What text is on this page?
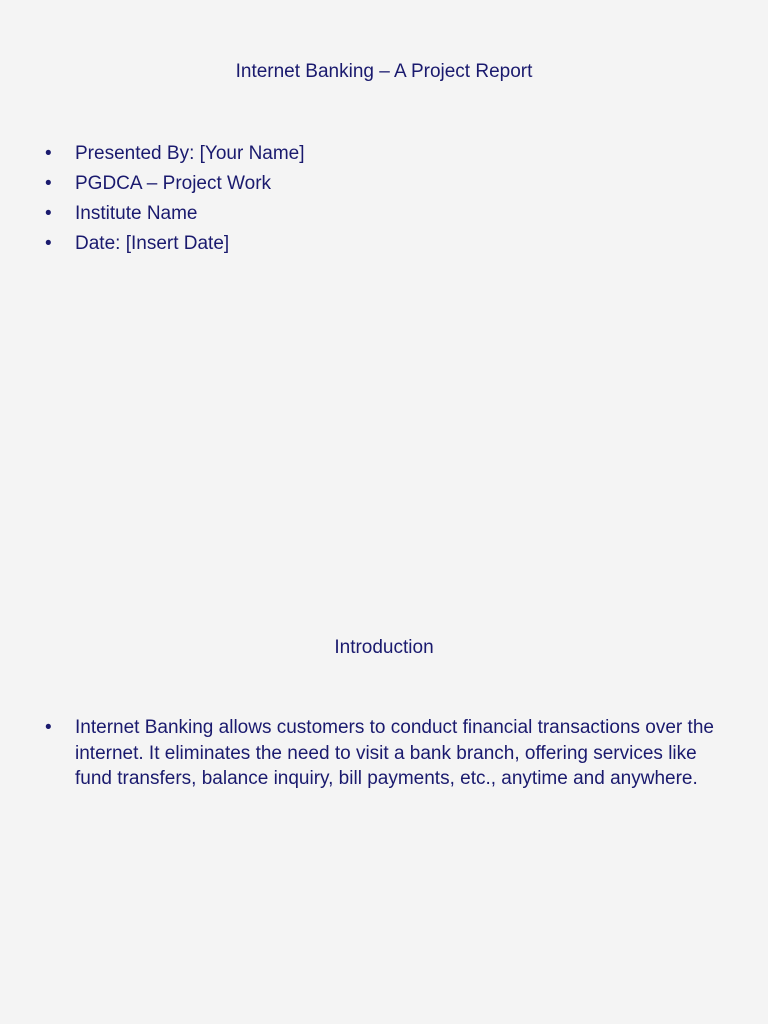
Internet Banking – A Project Report
• Presented By: [Your Name]
• PGDCA – Project Work
• Institute Name
• Date: [Insert Date]
Introduction
• Internet Banking allows customers to conduct financial transactions over the internet. It eliminates the need to visit a bank branch, offering services like fund transfers, balance inquiry, bill payments, etc., anytime and anywhere.
